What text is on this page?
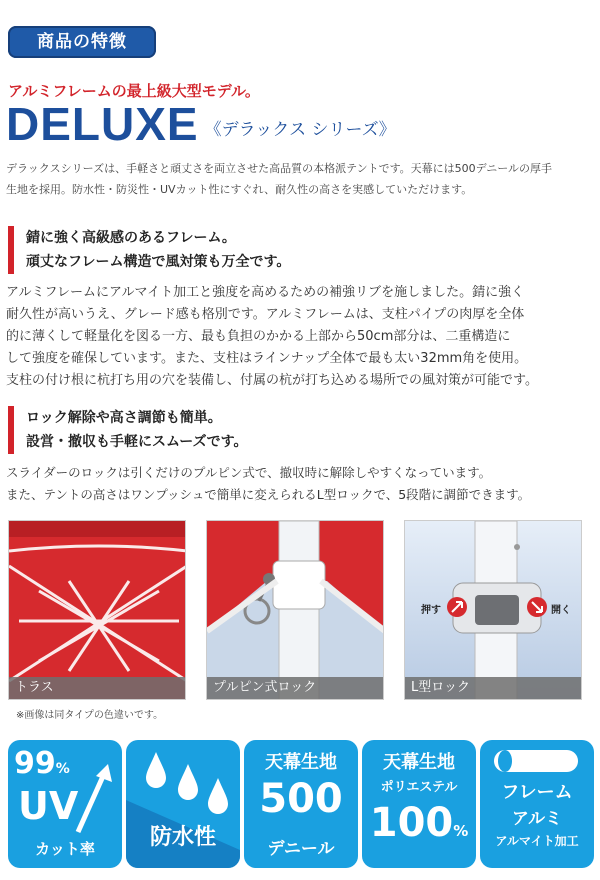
商品の特徴
アルミフレームの最上級大型モデル。
DELUXE 《デラックス シリーズ》
デラックスシリーズは、手軽さと頑丈さを両立させた高品質の本格派テントです。天幕には500デニールの厚手
生地を採用。防水性・防災性・UVカット性にすぐれ、耐久性の高さを実感していただけます。
錆に強く高級感のあるフレーム。
頑丈なフレーム構造で風対策も万全です。
アルミフレームにアルマイト加工と強度を高めるための補強リブを施しました。錆に強く
耐久性が高いうえ、グレード感も格別です。アルミフレームは、支柱パイプの肉厚を全体
的に薄くして軽量化を図る一方、最も負担のかかる上部から50cm部分は、二重構造に
して強度を確保しています。また、支柱はラインナップ全体で最も太い32mm角を使用。
支柱の付け根に杭打ち用の穴を装備し、付属の杭が打ち込める場所での風対策が可能です。
ロック解除や高さ調節も簡単。
設営・撤収も手軽にスムーズです。
スライダーのロックは引くだけのプルピン式で、撤収時に解除しやすくなっています。
また、テントの高さはワンプッシュで簡単に変えられるL型ロックで、5段階に調節できます。
トラス	プルピン式ロック
押す	開く
L型ロック
※画像は同タイプの色違いです。
99%
UV
カット率	防水性
天幕生地
500
デニール
天幕生地
ポリエステル
100%
フレーム
アルミ
アルマイト加工
